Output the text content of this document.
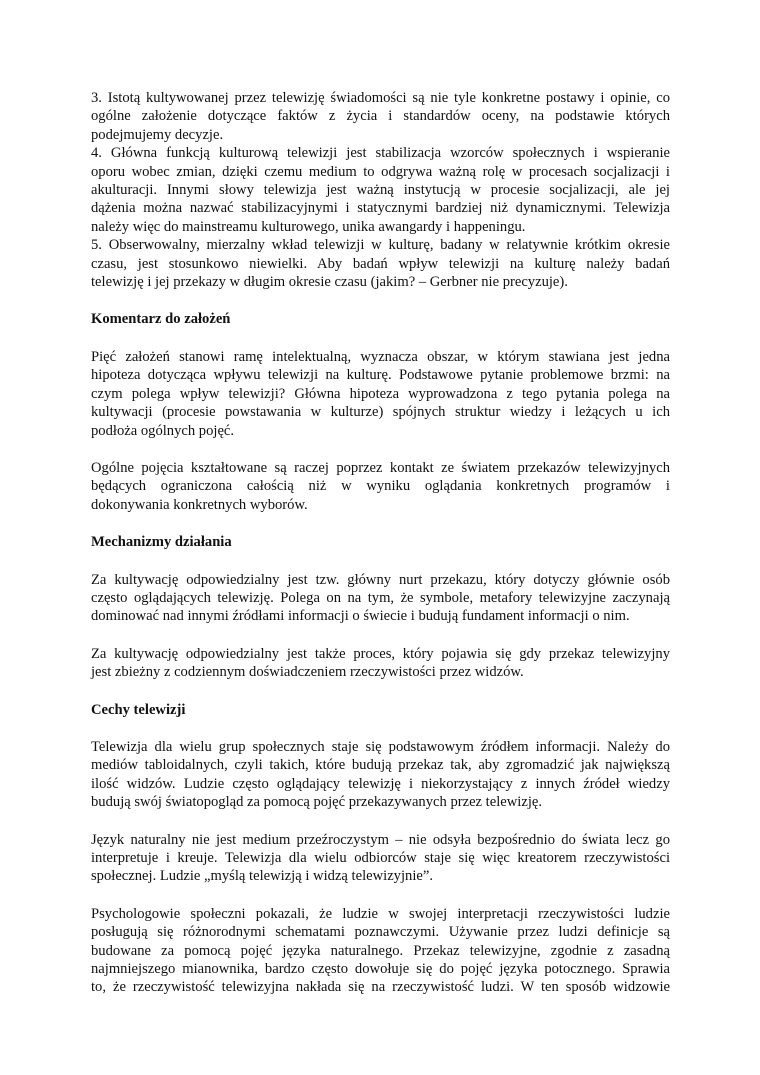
3. Istotą kultywowanej przez telewizję świadomości są nie tyle konkretne postawy i opinie, co
ogólne założenie dotyczące faktów z życia i standardów oceny, na podstawie których
podejmujemy decyzje.
4. Główna funkcją kulturową telewizji jest stabilizacja wzorców społecznych i wspieranie
oporu wobec zmian, dzięki czemu medium to odgrywa ważną rolę w procesach socjalizacji i
akulturacji. Innymi słowy telewizja jest ważną instytucją w procesie socjalizacji, ale jej
dążenia można nazwać stabilizacyjnymi i statycznymi bardziej niż dynamicznymi. Telewizja
należy więc do mainstreamu kulturowego, unika awangardy i happeningu.
5. Obserwowalny, mierzalny wkład telewizji w kulturę, badany w relatywnie krótkim okresie
czasu, jest stosunkowo niewielki. Aby badań wpływ telewizji na kulturę należy badań
telewizję i jej przekazy w długim okresie czasu (jakim? – Gerbner nie precyzuje).
Komentarz do założeń
Pięć założeń stanowi ramę intelektualną, wyznacza obszar, w którym stawiana jest jedna
hipoteza dotycząca wpływu telewizji na kulturę. Podstawowe pytanie problemowe brzmi: na
czym polega wpływ telewizji? Główna hipoteza wyprowadzona z tego pytania polega na
kultywacji (procesie powstawania w kulturze) spójnych struktur wiedzy i leżących u ich
podłoża ogólnych pojęć.
Ogólne pojęcia kształtowane są raczej poprzez kontakt ze światem przekazów telewizyjnych
będących ograniczona całością niż w wyniku oglądania konkretnych programów i
dokonywania konkretnych wyborów.
Mechanizmy działania
Za kultywację odpowiedzialny jest tzw. główny nurt przekazu, który dotyczy głównie osób
często oglądających telewizję. Polega on na tym, że symbole, metafory telewizyjne zaczynają
dominować nad innymi źródłami informacji o świecie i budują fundament informacji o nim.
Za kultywację odpowiedzialny jest także proces, który pojawia się gdy przekaz telewizyjny
jest zbieżny z codziennym doświadczeniem rzeczywistości przez widzów.
Cechy telewizji
Telewizja dla wielu grup społecznych staje się podstawowym źródłem informacji. Należy do
mediów tabloidalnych, czyli takich, które budują przekaz tak, aby zgromadzić jak największą
ilość widzów. Ludzie często oglądający telewizję i niekorzystający z innych źródeł wiedzy
budują swój światopogląd za pomocą pojęć przekazywanych przez telewizję.
Język naturalny nie jest medium przeźroczystym – nie odsyła bezpośrednio do świata lecz go
interpretuje i kreuje. Telewizja dla wielu odbiorców staje się więc kreatorem rzeczywistości
społecznej. Ludzie „myślą telewizją i widzą telewizyjnie”.
Psychologowie społeczni pokazali, że ludzie w swojej interpretacji rzeczywistości ludzie
posługują się różnorodnymi schematami poznawczymi. Używanie przez ludzi definicje są
budowane za pomocą pojęć języka naturalnego. Przekaz telewizyjne, zgodnie z zasadną
najmniejszego mianownika, bardzo często dowołuje się do pojęć języka potocznego. Sprawia
to, że rzeczywistość telewizyjna nakłada się na rzeczywistość ludzi. W ten sposób widzowie
